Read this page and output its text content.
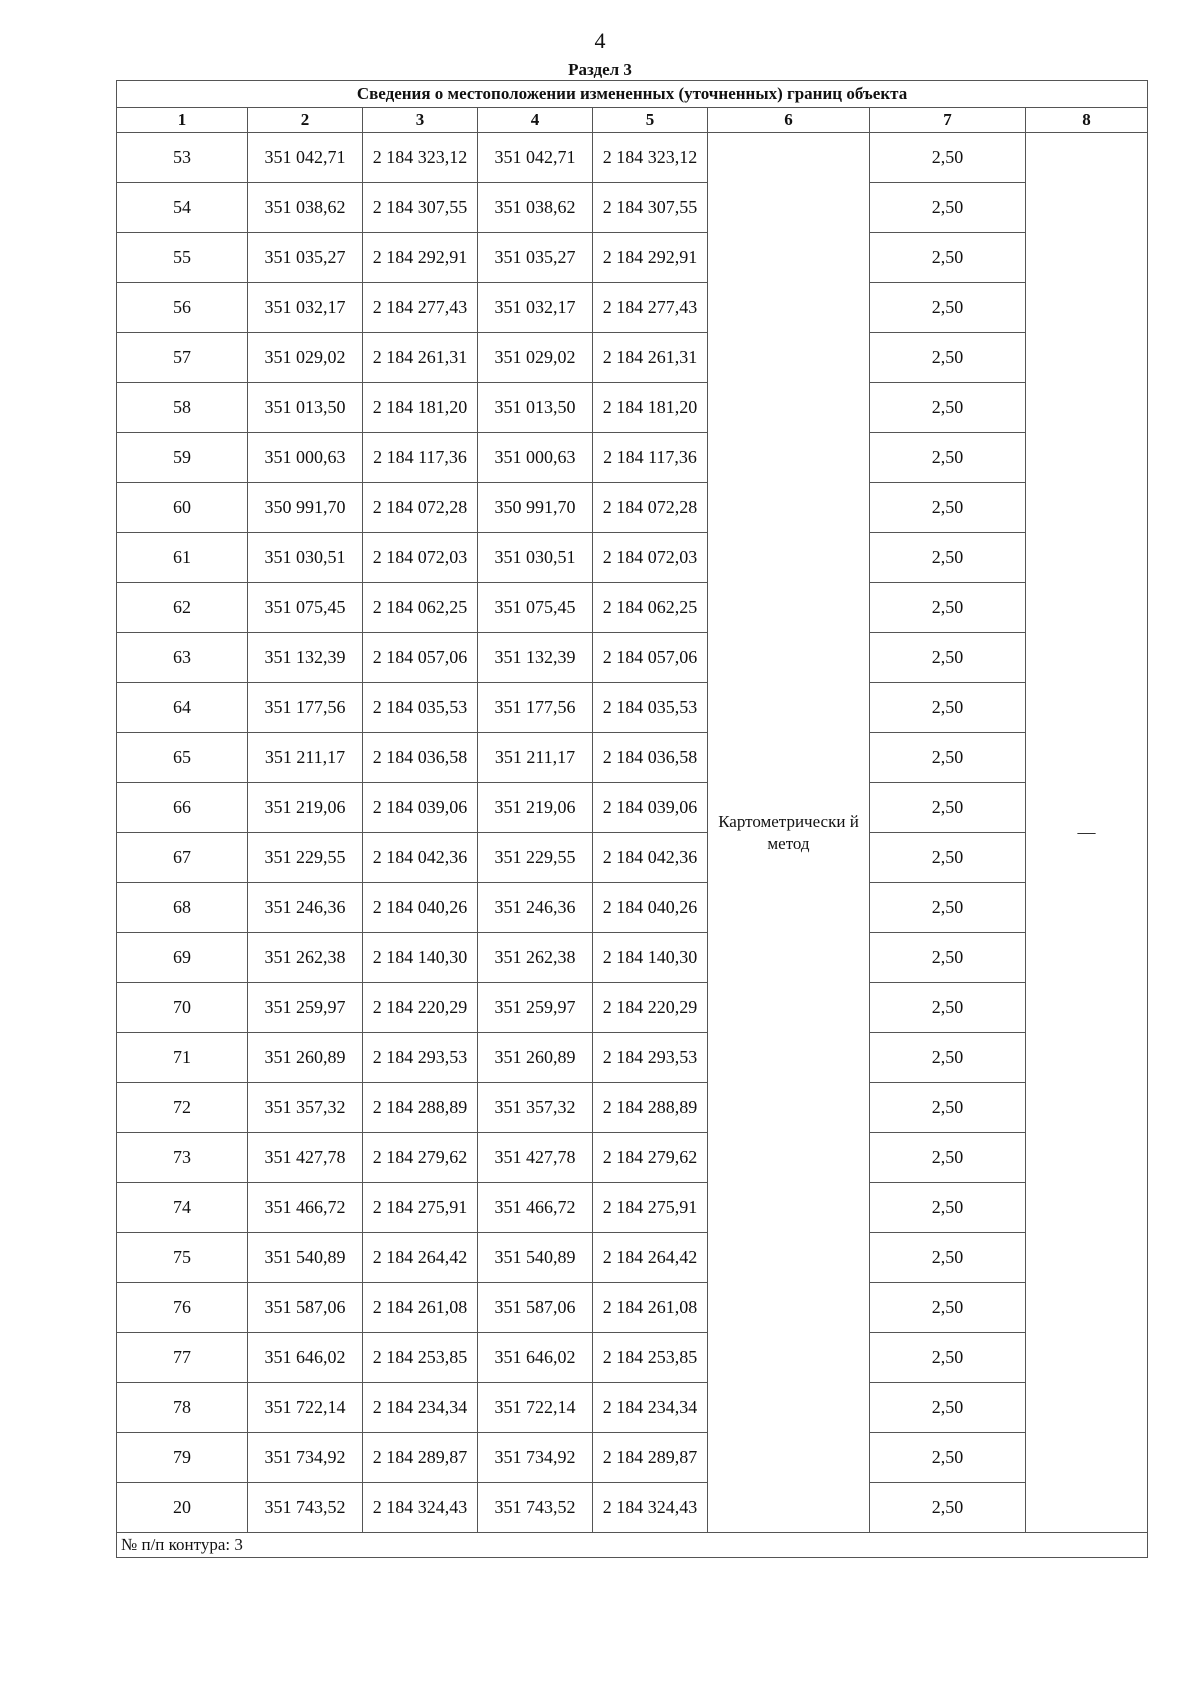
4
Раздел 3
Сведения о местоположении измененных (уточненных) границ объекта							
1	2	3	4	5	6	7	8
53	351 042,71	2 184 323,12	351 042,71	2 184 323,12	Картометрически й метод	2,50	—
54	351 038,62	2 184 307,55	351 038,62	2 184 307,55		2,50	
55	351 035,27	2 184 292,91	351 035,27	2 184 292,91		2,50	
56	351 032,17	2 184 277,43	351 032,17	2 184 277,43		2,50	
57	351 029,02	2 184 261,31	351 029,02	2 184 261,31		2,50	
58	351 013,50	2 184 181,20	351 013,50	2 184 181,20		2,50	
59	351 000,63	2 184 117,36	351 000,63	2 184 117,36		2,50	
60	350 991,70	2 184 072,28	350 991,70	2 184 072,28		2,50	
61	351 030,51	2 184 072,03	351 030,51	2 184 072,03		2,50	
62	351 075,45	2 184 062,25	351 075,45	2 184 062,25		2,50	
63	351 132,39	2 184 057,06	351 132,39	2 184 057,06		2,50	
64	351 177,56	2 184 035,53	351 177,56	2 184 035,53		2,50	
65	351 211,17	2 184 036,58	351 211,17	2 184 036,58		2,50	
66	351 219,06	2 184 039,06	351 219,06	2 184 039,06		2,50	
67	351 229,55	2 184 042,36	351 229,55	2 184 042,36		2,50	
68	351 246,36	2 184 040,26	351 246,36	2 184 040,26		2,50	
69	351 262,38	2 184 140,30	351 262,38	2 184 140,30		2,50	
70	351 259,97	2 184 220,29	351 259,97	2 184 220,29		2,50	
71	351 260,89	2 184 293,53	351 260,89	2 184 293,53		2,50	
72	351 357,32	2 184 288,89	351 357,32	2 184 288,89		2,50	
73	351 427,78	2 184 279,62	351 427,78	2 184 279,62		2,50	
74	351 466,72	2 184 275,91	351 466,72	2 184 275,91		2,50	
75	351 540,89	2 184 264,42	351 540,89	2 184 264,42		2,50	
76	351 587,06	2 184 261,08	351 587,06	2 184 261,08		2,50	
77	351 646,02	2 184 253,85	351 646,02	2 184 253,85		2,50	
78	351 722,14	2 184 234,34	351 722,14	2 184 234,34		2,50	
79	351 734,92	2 184 289,87	351 734,92	2 184 289,87		2,50	
20	351 743,52	2 184 324,43	351 743,52	2 184 324,43		2,50	
№ п/п контура: 3							
